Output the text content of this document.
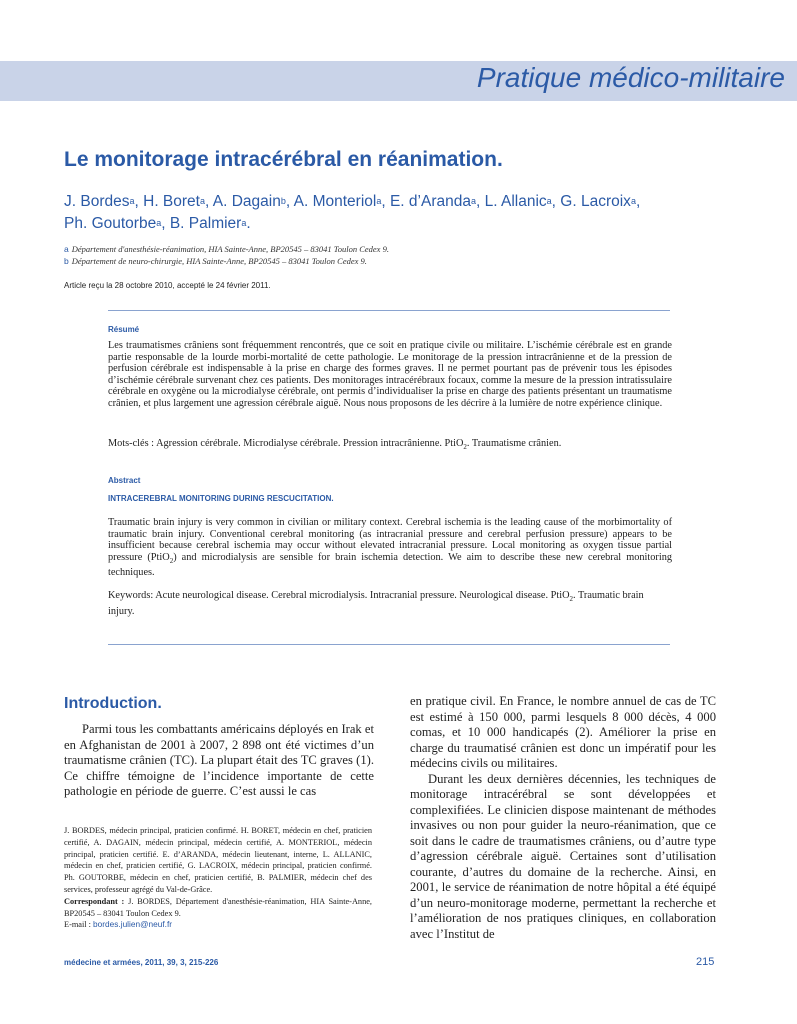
Pratique médico-militaire
Le monitorage intracérébral en réanimation.
J. Bordes$^a$, H. Boret$^a$, A. Dagain$^b$, A. Monteriol$^a$, E. d’Aranda$^a$, L. Allanic$^a$, G. Lacroix$^a$,
Ph. Goutorbe$^a$, B. Palmier$^a$.
a Département d'anesthésie-réanimation, HIA Sainte-Anne, BP20545 – 83041 Toulon Cedex 9.
b Département de neuro-chirurgie, HIA Sainte-Anne, BP20545 – 83041 Toulon Cedex 9.
Article reçu la 28 octobre 2010, accepté le 24 février 2011.
Résumé
Les traumatismes crâniens sont fréquemment rencontrés, que ce soit en pratique civile ou militaire. L’ischémie cérébrale est en grande partie responsable de la lourde morbi-mortalité de cette pathologie. Le monitorage de la pression intracrânienne et de la pression de perfusion cérébrale est indispensable à la prise en charge des formes graves. Il ne permet pourtant pas de prévenir tous les épisodes d’ischémie cérébrale survenant chez ces patients. Des monitorages intracérébraux focaux, comme la mesure de la pression intratissulaire cérébrale en oxygène ou la microdialyse cérébrale, ont permis d’individualiser la prise en charge des patients présentant un traumatisme crânien, et plus largement une agression cérébrale aiguë. Nous nous proposons de les décrire à la lumière de notre expérience clinique.
Mots-clés : Agression cérébrale. Microdialyse cérébrale. Pression intracrânienne. PtiO$_2$. Traumatisme crânien.
Abstract
INTRACEREBRAL MONITORING DURING RESCUCITATION.
Traumatic brain injury is very common in civilian or military context. Cerebral ischemia is the leading cause of the morbimortality of traumatic brain injury. Conventional cerebral monitoring (as intracranial pressure and cerebral perfusion pressure) appears to be insufficient because cerebral ischemia may occur without elevated intracranial pressure. Local monitoring as oxygen tissue partial pressure (PtiO$_2$) and microdialysis are sensible for brain ischemia detection. We aim to describe these new cerebral monitoring techniques.
Keywords: Acute neurological disease. Cerebral microdialysis. Intracranial pressure. Neurological disease. PtiO$_2$. Traumatic brain injury.
Introduction.

Parmi tous les combattants américains déployés en Irak et en Afghanistan de 2001 à 2007, 2 898 ont été victimes d’un traumatisme crânien (TC). La plupart était des TC graves (1). Ce chiffre témoigne de l’incidence importante de cette pathologie en période de guerre. C’est aussi le cas

en pratique civil. En France, le nombre annuel de cas de TC est estimé à 150 000, parmi lesquels 8 000 décès, 4 000 comas, et 10 000 handicapés (2). Améliorer la prise en charge du traumatisé crânien est donc un impératif pour les médecins civils ou militaires.

Durant les deux dernières décennies, les techniques de monitorage intracérébral se sont développées et complexifiées. Le clinicien dispose maintenant de méthodes invasives ou non pour guider la neuro-réanimation, que ce soit dans le cadre de traumatismes crâniens, ou d’autre type d’agression cérébrale aiguë. Certaines sont d’utilisation courante, d’autres du domaine de la recherche. Ainsi, en 2001, le service de réanimation de notre hôpital a été équipé d’un neuro-monitorage moderne, permettant la recherche et l’amélioration de nos pratiques cliniques, en collaboration avec l’Institut de

J. BORDES, médecin principal, praticien confirmé. H. BORET, médecin en chef, praticien certifié, A. DAGAIN, médecin principal, médecin certifié, A. MONTERIOL, médecin principal, praticien certifié. E. d’ARANDA, médecin lieutenant, interne, L. ALLANIC, médecin en chef, praticien certifié, G. LACROIX, médecin principal, praticien confirmé. Ph. GOUTORBE, médecin en chef, praticien certifié, B. PALMIER, médecin chef des services, professeur agrégé du Val-de-Grâce.
Correspondant : J. BORDES, Département d'anesthésie-réanimation, HIA Sainte-Anne, BP20545 – 83041 Toulon Cedex 9.
E-mail : bordes.julien@neuf.fr
médecine et armées, 2011, 39, 3, 215-226	215
